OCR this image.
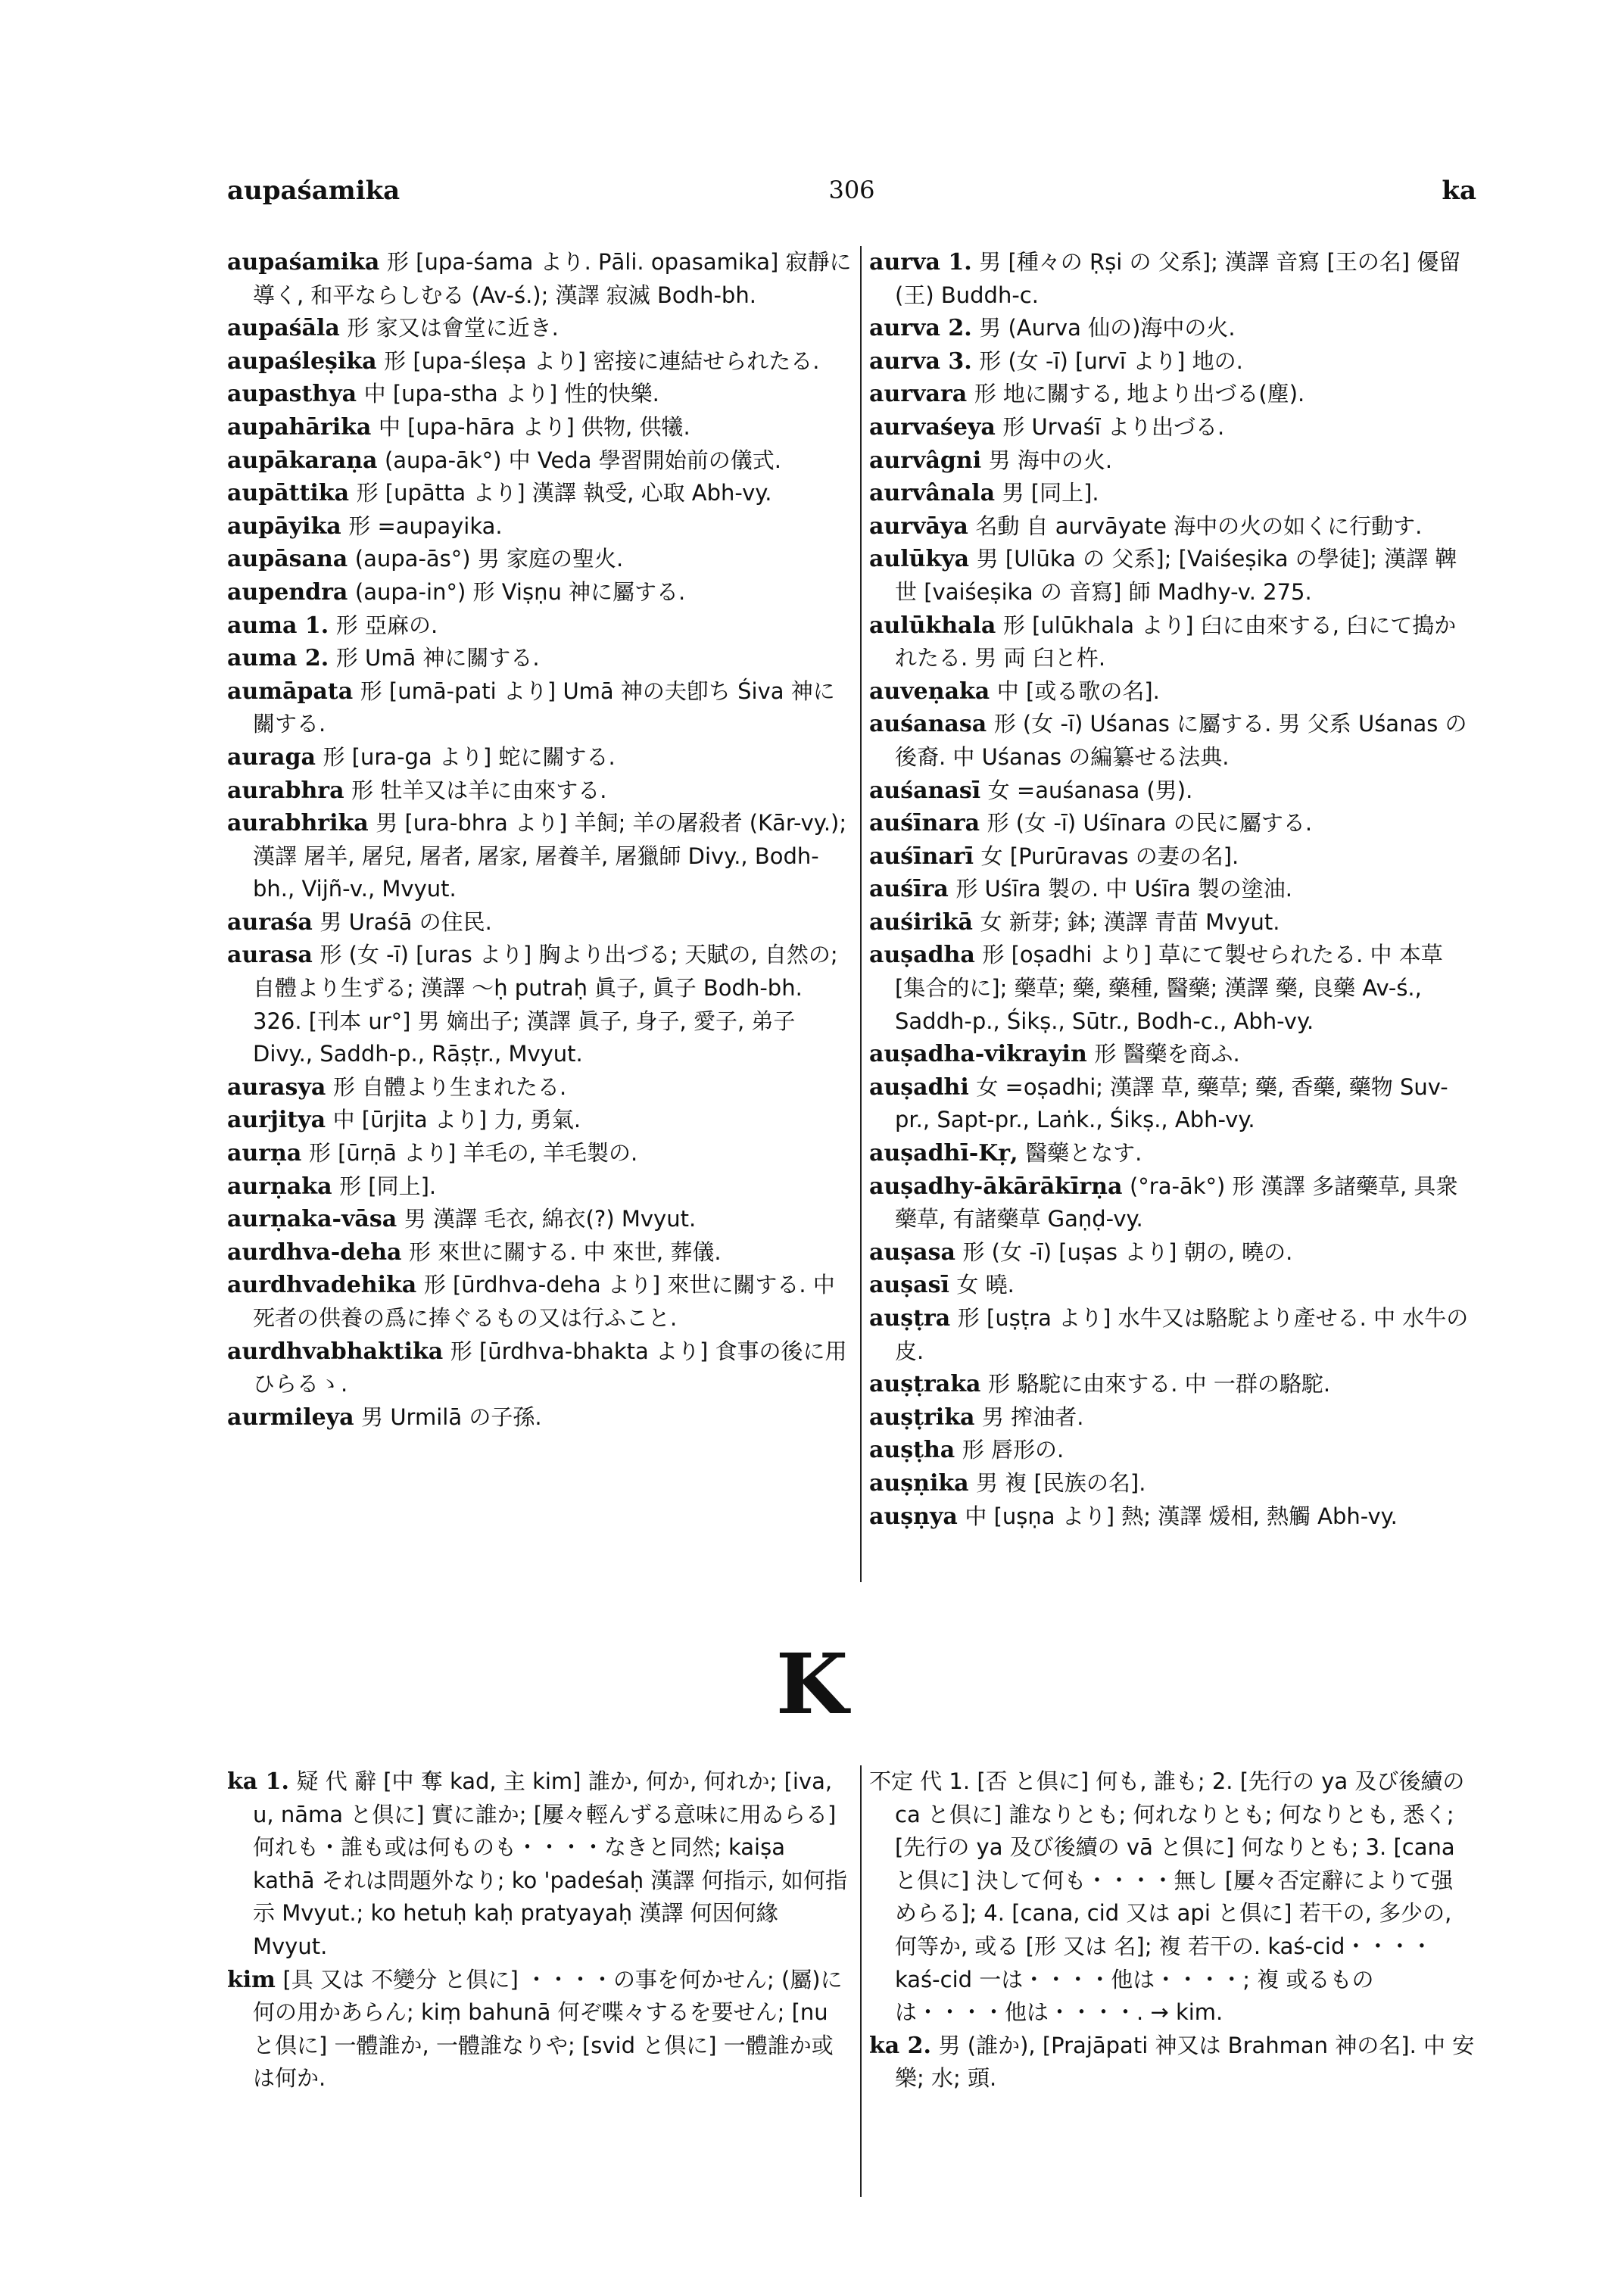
aupaśamika	306	ka

aupaśamika 形 [upa-śama より. Pāli. opasamika] 寂靜に導く, 和平ならしむる (Av-ś.); 漢譯 寂滅 Bodh-bh.

aupaśāla 形 家又は會堂に近き.

aupaśleṣika 形 [upa-śleṣa より] 密接に連結せられたる.

aupasthya 中 [upa-stha より] 性的快樂.

aupahārika 中 [upa-hāra より] 供物, 供犧.

aupākaraṇa (aupa-āk°) 中 Veda 學習開始前の儀式.

aupāttika 形 [upātta より] 漢譯 執受, 心取 Abh-vy.

aupāyika 形 =aupayika.

aupāsana (aupa-ās°) 男 家庭の聖火.

aupendra (aupa-in°) 形 Viṣṇu 神に屬する.

auma 1. 形 亞麻の.

auma 2. 形 Umā 神に關する.

aumāpata 形 [umā-pati より] Umā 神の夫卽ち Śiva 神に關する.

auraga 形 [ura-ga より] 蛇に關する.

aurabhra 形 牡羊又は羊に由來する.

aurabhrika 男 [ura-bhra より] 羊飼; 羊の屠殺者 (Kār-vy.); 漢譯 屠羊, 屠兒, 屠者, 屠家, 屠養羊, 屠獵師 Divy., Bodh-bh., Vijñ-v., Mvyut.

auraśa 男 Uraśā の住民.

aurasa 形 (女 -ī) [uras より] 胸より出づる; 天賦の, 自然の; 自體より生ずる; 漢譯 ～ḥ putraḥ 眞子, 眞子 Bodh-bh. 326. [刊本 ur°] 男 嫡出子; 漢譯 眞子, 身子, 愛子, 弟子 Divy., Saddh-p., Rāṣṭr., Mvyut.

aurasya 形 自體より生まれたる.

aurjitya 中 [ūrjita より] 力, 勇氣.

aurṇa 形 [ūrṇā より] 羊毛の, 羊毛製の.

aurṇaka 形 [同上].

aurṇaka-vāsa 男 漢譯 毛衣, 綿衣(?) Mvyut.

aurdhva-deha 形 來世に關する. 中 來世, 葬儀.

aurdhvadehika 形 [ūrdhva-deha より] 來世に關する. 中 死者の供養の爲に捧ぐるもの又は行ふこと.

aurdhvabhaktika 形 [ūrdhva-bhakta より] 食事の後に用ひらるゝ.

aurmileya 男 Urmilā の子孫.

aurva 1. 男 [種々の Ṛṣi の 父系]; 漢譯 音寫 [王の名] 優留(王) Buddh-c.

aurva 2. 男 (Aurva 仙の)海中の火.

aurva 3. 形 (女 -ī) [urvī より] 地の.

aurvara 形 地に關する, 地より出づる(塵).

aurvaśeya 形 Urvaśī より出づる.

aurvâgni 男 海中の火.

aurvânala 男 [同上].

aurvāya 名動 自 aurvāyate 海中の火の如くに行動す.

aulūkya 男 [Ulūka の 父系]; [Vaiśeṣika の學徒]; 漢譯 鞞世 [vaiśeṣika の 音寫] 師 Madhy-v. 275.

aulūkhala 形 [ulūkhala より] 臼に由來する, 臼にて搗かれたる. 男 両 臼と杵.

auveṇaka 中 [或る歌の名].

auśanasa 形 (女 -ī) Uśanas に屬する. 男 父系 Uśanas の後裔. 中 Uśanas の編纂せる法典.

auśanasī 女 =auśanasa (男).

auśīnara 形 (女 -ī) Uśīnara の民に屬する.

auśīnarī 女 [Purūravas の妻の名].

auśīra 形 Uśīra 製の. 中 Uśīra 製の塗油.

auśirikā 女 新芽; 鉢; 漢譯 青苗 Mvyut.

auṣadha 形 [oṣadhi より] 草にて製せられたる. 中 本草 [集合的に]; 藥草; 藥, 藥種, 醫藥; 漢譯 藥, 良藥 Av-ś., Saddh-p., Śikṣ., Sūtr., Bodh-c., Abh-vy.

auṣadha-vikrayin 形 醫藥を商ふ.

auṣadhi 女 =oṣadhi; 漢譯 草, 藥草; 藥, 香藥, 藥物 Suv-pr., Sapt-pr., Laṅk., Śikṣ., Abh-vy.

auṣadhī-Kṛ, 醫藥となす.

auṣadhy-ākārākīrṇa (°ra-āk°) 形 漢譯 多諸藥草, 具衆藥草, 有諸藥草 Gaṇḍ-vy.

auṣasa 形 (女 -ī) [uṣas より] 朝の, 曉の.

auṣasī 女 曉.

auṣṭra 形 [uṣṭra より] 水牛又は駱駝より產せる. 中 水牛の皮.

auṣṭraka 形 駱駝に由來する. 中 一群の駱駝.

auṣṭrika 男 搾油者.

auṣṭha 形 唇形の.

auṣṇika 男 複 [民族の名].

auṣṇya 中 [uṣṇa より] 熱; 漢譯 煖相, 熱觸 Abh-vy.

K

ka 1. 疑 代 辭 [中 奪 kad, 主 kim] 誰か, 何か, 何れか; [iva, u, nāma と倶に] 實に誰か; [屢々輕んずる意味に用ゐらる] 何れも・誰も或は何ものも・・・・なきと同然; kaiṣa kathā それは問題外なり; ko 'padeśaḥ 漢譯 何指示, 如何指示 Mvyut.; ko hetuḥ kaḥ pratyayaḥ 漢譯 何因何緣 Mvyut.

kim [具 又は 不變分 と倶に] ・・・・の事を何かせん; (屬)に何の用かあらん; kiṃ bahunā 何ぞ喋々するを要せん; [nu と倶に] 一體誰か, 一體誰なりや; [svid と倶に] 一體誰か或は何か.

不定 代 1. [否 と倶に] 何も, 誰も; 2. [先行の ya 及び後續の ca と倶に] 誰なりとも; 何れなりとも; 何なりとも, 悉く; [先行の ya 及び後續の vā と倶に] 何なりとも; 3. [cana と倶に] 決して何も・・・・無し [屢々否定辭によりて强めらる]; 4. [cana, cid 又は api と倶に] 若干の, 多少の, 何等か, 或る [形 又は 名]; 複 若干の. kaś-cid・・・・kaś-cid 一は・・・・他は・・・・; 複 或るものは・・・・他は・・・・. → kim.

ka 2. 男 (誰か), [Prajāpati 神又は Brahman 神の名]. 中 安樂; 水; 頭.
